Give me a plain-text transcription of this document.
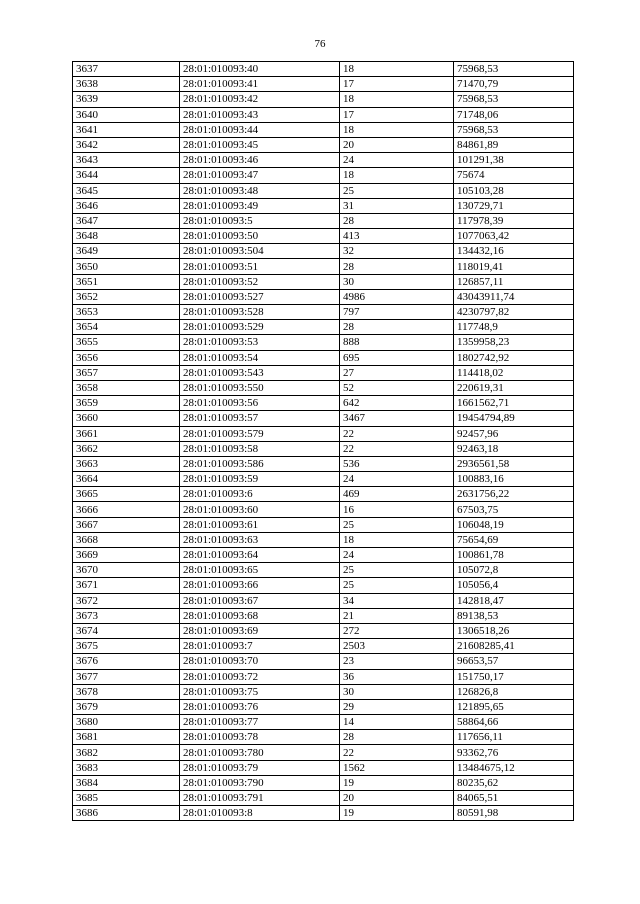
76
3637	28:01:010093:40	18	75968,53
3638	28:01:010093:41	17	71470,79
3639	28:01:010093:42	18	75968,53
3640	28:01:010093:43	17	71748,06
3641	28:01:010093:44	18	75968,53
3642	28:01:010093:45	20	84861,89
3643	28:01:010093:46	24	101291,38
3644	28:01:010093:47	18	75674
3645	28:01:010093:48	25	105103,28
3646	28:01:010093:49	31	130729,71
3647	28:01:010093:5	28	117978,39
3648	28:01:010093:50	413	1077063,42
3649	28:01:010093:504	32	134432,16
3650	28:01:010093:51	28	118019,41
3651	28:01:010093:52	30	126857,11
3652	28:01:010093:527	4986	43043911,74
3653	28:01:010093:528	797	4230797,82
3654	28:01:010093:529	28	117748,9
3655	28:01:010093:53	888	1359958,23
3656	28:01:010093:54	695	1802742,92
3657	28:01:010093:543	27	114418,02
3658	28:01:010093:550	52	220619,31
3659	28:01:010093:56	642	1661562,71
3660	28:01:010093:57	3467	19454794,89
3661	28:01:010093:579	22	92457,96
3662	28:01:010093:58	22	92463,18
3663	28:01:010093:586	536	2936561,58
3664	28:01:010093:59	24	100883,16
3665	28:01:010093:6	469	2631756,22
3666	28:01:010093:60	16	67503,75
3667	28:01:010093:61	25	106048,19
3668	28:01:010093:63	18	75654,69
3669	28:01:010093:64	24	100861,78
3670	28:01:010093:65	25	105072,8
3671	28:01:010093:66	25	105056,4
3672	28:01:010093:67	34	142818,47
3673	28:01:010093:68	21	89138,53
3674	28:01:010093:69	272	1306518,26
3675	28:01:010093:7	2503	21608285,41
3676	28:01:010093:70	23	96653,57
3677	28:01:010093:72	36	151750,17
3678	28:01:010093:75	30	126826,8
3679	28:01:010093:76	29	121895,65
3680	28:01:010093:77	14	58864,66
3681	28:01:010093:78	28	117656,11
3682	28:01:010093:780	22	93362,76
3683	28:01:010093:79	1562	13484675,12
3684	28:01:010093:790	19	80235,62
3685	28:01:010093:791	20	84065,51
3686	28:01:010093:8	19	80591,98
